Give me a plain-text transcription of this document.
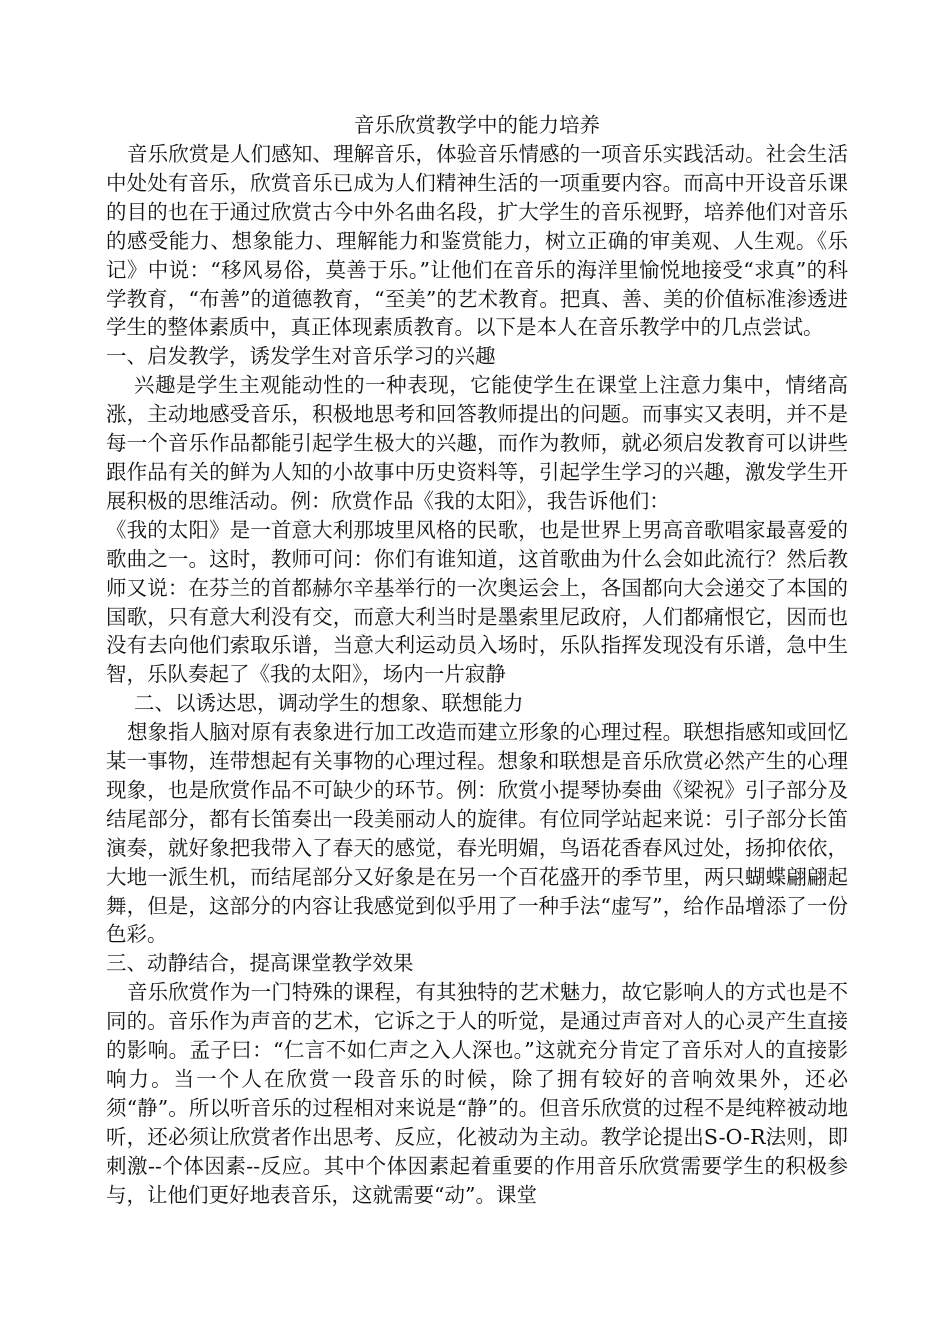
音乐欣赏教学中的能力培养

音乐欣赏是人们感知、理解音乐，体验音乐情感的一项音乐实践活动。社会生活中处处有音乐，欣赏音乐已成为人们精神生活的一项重要内容。而高中开设音乐课的目的也在于通过欣赏古今中外名曲名段，扩大学生的音乐视野，培养他们对音乐的感受能力、想象能力、理解能力和鉴赏能力，树立正确的审美观、人生观。《乐记》中说：“移风易俗，莫善于乐。”让他们在音乐的海洋里愉悦地接受“求真”的科学教育，“布善”的道德教育，“至美”的艺术教育。把真、善、美的价值标准渗透进学生的整体素质中，真正体现素质教育。以下是本人在音乐教学中的几点尝试。

一、启发教学，诱发学生对音乐学习的兴趣

兴趣是学生主观能动性的一种表现，它能使学生在课堂上注意力集中，情绪高涨，主动地感受音乐，积极地思考和回答教师提出的问题。而事实又表明，并不是每一个音乐作品都能引起学生极大的兴趣，而作为教师，就必须启发教育可以讲些跟作品有关的鲜为人知的小故事中历史资料等，引起学生学习的兴趣，激发学生开展积极的思维活动。例：欣赏作品《我的太阳》，我告诉他们：

《我的太阳》是一首意大利那坡里风格的民歌，也是世界上男高音歌唱家最喜爱的歌曲之一。这时，教师可问：你们有谁知道，这首歌曲为什么会如此流行？然后教师又说：在芬兰的首都赫尔辛基举行的一次奥运会上，各国都向大会递交了本国的国歌，只有意大利没有交，而意大利当时是墨索里尼政府，人们都痛恨它，因而也没有去向他们索取乐谱，当意大利运动员入场时，乐队指挥发现没有乐谱，急中生智，乐队奏起了《我的太阳》，场内一片寂静

二、以诱达思，调动学生的想象、联想能力

想象指人脑对原有表象进行加工改造而建立形象的心理过程。联想指感知或回忆某一事物，连带想起有关事物的心理过程。想象和联想是音乐欣赏必然产生的心理现象，也是欣赏作品不可缺少的环节。例：欣赏小提琴协奏曲《梁祝》引子部分及结尾部分，都有长笛奏出一段美丽动人的旋律。有位同学站起来说：引子部分长笛演奏，就好象把我带入了春天的感觉，春光明媚，鸟语花香春风过处，扬抑依依，大地一派生机，而结尾部分又好象是在另一个百花盛开的季节里，两只蝴蝶翩翩起舞，但是，这部分的内容让我感觉到似乎用了一种手法“虚写”，给作品增添了一份色彩。

三、动静结合，提高课堂教学效果

音乐欣赏作为一门特殊的课程，有其独特的艺术魅力，故它影响人的方式也是不同的。音乐作为声音的艺术，它诉之于人的听觉，是通过声音对人的心灵产生直接的影响。孟子曰：“仁言不如仁声之入人深也。”这就充分肯定了音乐对人的直接影响力。当一个人在欣赏一段音乐的时候，除了拥有较好的音响效果外，还必须“静”。所以听音乐的过程相对来说是“静”的。但音乐欣赏的过程不是纯粹被动地听，还必须让欣赏者作出思考、反应，化被动为主动。教学论提出S-O-R法则，即刺激--个体因素--反应。其中个体因素起着重要的作用音乐欣赏需要学生的积极参与，让他们更好地表音乐，这就需要“动”。课堂
